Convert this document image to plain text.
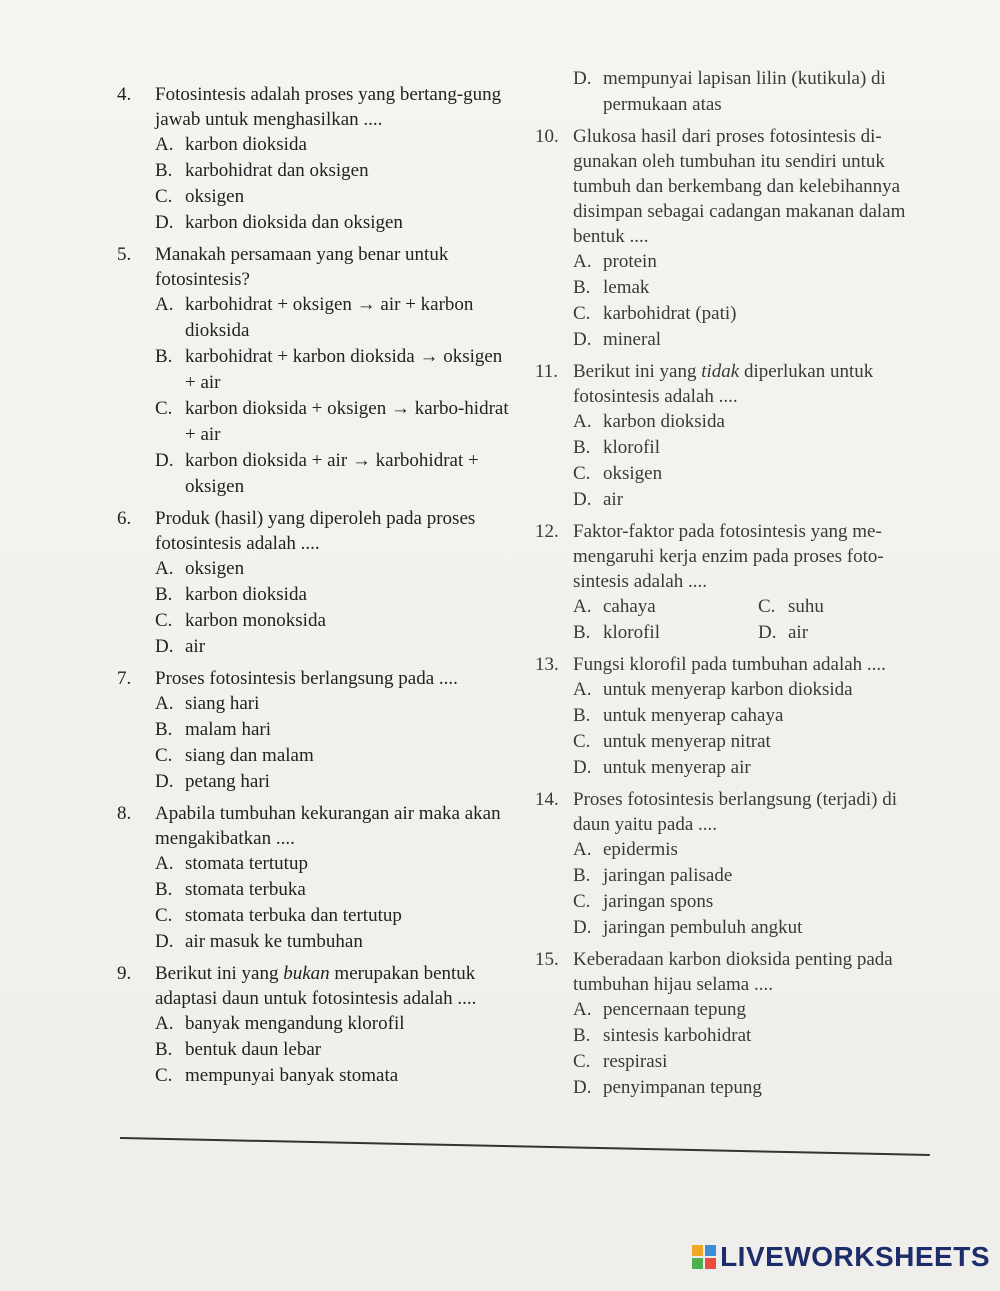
4. Fotosintesis adalah proses yang bertang-gung jawab untuk menghasilkan ....
A. karbon dioksida
B. karbohidrat dan oksigen
C. oksigen
D. karbon dioksida dan oksigen
5. Manakah persamaan yang benar untuk fotosintesis?
A. karbohidrat + oksigen → air + karbon dioksida
B. karbohidrat + karbon dioksida → oksigen + air
C. karbon dioksida + oksigen → karbo-hidrat + air
D. karbon dioksida + air → karbohidrat + oksigen
6. Produk (hasil) yang diperoleh pada proses fotosintesis adalah ....
A. oksigen
B. karbon dioksida
C. karbon monoksida
D. air
7. Proses fotosintesis berlangsung pada ....
A. siang hari
B. malam hari
C. siang dan malam
D. petang hari
8. Apabila tumbuhan kekurangan air maka akan mengakibatkan ....
A. stomata tertutup
B. stomata terbuka
C. stomata terbuka dan tertutup
D. air masuk ke tumbuhan
9. Berikut ini yang bukan merupakan bentuk adaptasi daun untuk fotosintesis adalah ....
A. banyak mengandung klorofil
B. bentuk daun lebar
C. mempunyai banyak stomata
D. mempunyai lapisan lilin (kutikula) di permukaan atas
10. Glukosa hasil dari proses fotosintesis di-gunakan oleh tumbuhan itu sendiri untuk tumbuh dan berkembang dan kelebihannya disimpan sebagai cadangan makanan dalam bentuk ....
A. protein
B. lemak
C. karbohidrat (pati)
D. mineral
11. Berikut ini yang tidak diperlukan untuk fotosintesis adalah ....
A. karbon dioksida
B. klorofil
C. oksigen
D. air
12. Faktor-faktor pada fotosintesis yang me-mengaruhi kerja enzim pada proses foto-sintesis adalah ....
A. cahaya	C. suhu
B. klorofil	D. air
13. Fungsi klorofil pada tumbuhan adalah ....
A. untuk menyerap karbon dioksida
B. untuk menyerap cahaya
C. untuk menyerap nitrat
D. untuk menyerap air
14. Proses fotosintesis berlangsung (terjadi) di daun yaitu pada ....
A. epidermis
B. jaringan palisade
C. jaringan spons
D. jaringan pembuluh angkut
15. Keberadaan karbon dioksida penting pada tumbuhan hijau selama ....
A. pencernaan tepung
B. sintesis karbohidrat
C. respirasi
D. penyimpanan tepung
LIVEWORKSHEETS
